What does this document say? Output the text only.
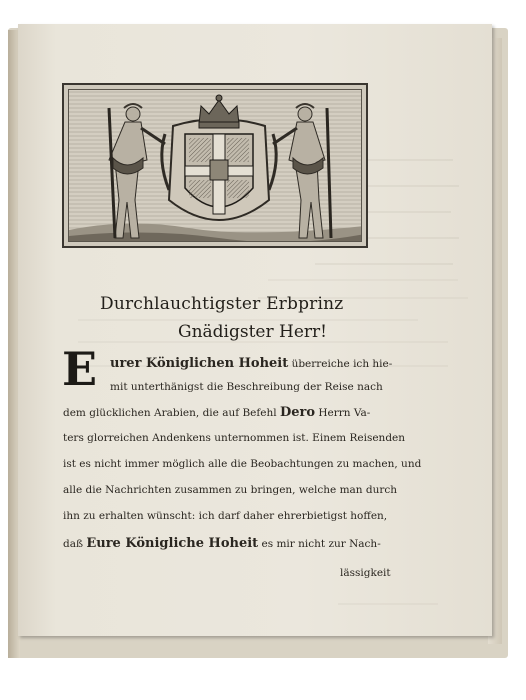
Durchlauchtigster Erbprinz
Gnädigster Herr!
E urer Königlichen Hoheit überreiche ich hie-
mit unterthänigst die Beschreibung der Reise nach
dem glücklichen Arabien, die auf Befehl Dero Herrn Va-
ters glorreichen Andenkens unternommen ist. Einem Reisenden
ist es nicht immer möglich alle die Beobachtungen zu machen, und
alle die Nachrichten zusammen zu bringen, welche man durch
ihn zu erhalten wünscht: ich darf daher ehrerbietigst hoffen,
daß Eure Königliche Hoheit es mir nicht zur Nach-
lässigkeit
